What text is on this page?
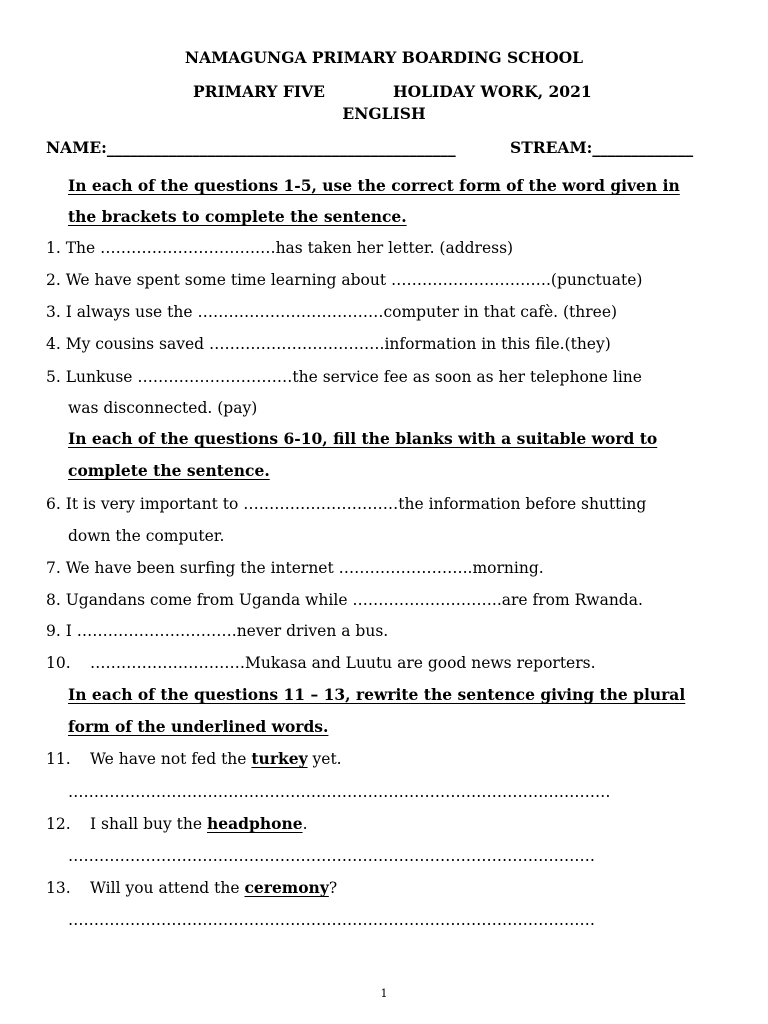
NAMAGUNGA PRIMARY BOARDING SCHOOL
PRIMARY FIVE	HOLIDAY WORK, 2021
ENGLISH
NAME:_____________________________________________	STREAM:_____________
In each of the questions 1-5, use the correct form of the word given in
the brackets to complete the sentence.
1. The ………………………….…has taken her letter. (address)
2. We have spent some time learning about ………………………….(punctuate)
3. I always use the ………………………………computer in that cafè. (three)
4. My cousins saved …………………………….information in this file.(they)
5. Lunkuse …………………………the service fee as soon as her telephone line
was disconnected. (pay)
In each of the questions 6-10, fill the blanks with a suitable word to
complete the sentence.
6. It is very important to …………………………the information before shutting
down the computer.
7. We have been surfing the internet ……………………..morning.
8. Ugandans come from Uganda while ………………………..are from Rwanda.
9. I ………………………….never driven a bus.
10. …………………………Mukasa and Luutu are good news reporters.
In each of the questions 11 – 13, rewrite the sentence giving the plural
form of the underlined words.
11. We have not fed the turkey yet.
……………………………………………………………………………………………
12. I shall buy the headphone.
…………………………………………………………………………………………
13. Will you attend the ceremony?
…………………………………………………………………………………………
1
